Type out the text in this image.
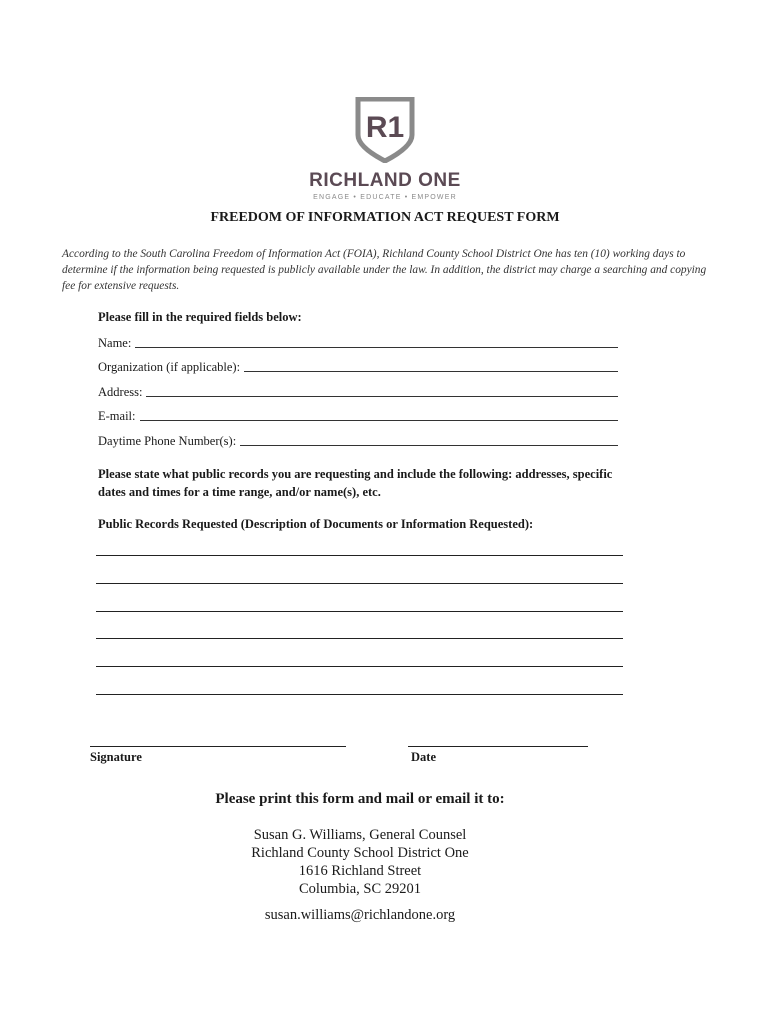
R1
RICHLAND ONE
ENGAGE • EDUCATE • EMPOWER
FREEDOM OF INFORMATION ACT REQUEST FORM
According to the South Carolina Freedom of Information Act (FOIA), Richland County School District One has ten (10) working days to determine if the information being requested is publicly available under the law. In addition, the district may charge a searching and copying fee for extensive requests.
Please fill in the required fields below:
Name:
Organization (if applicable):
Address:
E-mail:
Daytime Phone Number(s):
Please state what public records you are requesting and include the following: addresses, specific dates and times for a time range, and/or name(s), etc.
Public Records Requested (Description of Documents or Information Requested):
Signature	Date
Please print this form and mail or email it to:
Susan G. Williams, General Counsel
Richland County School District One
1616 Richland Street
Columbia, SC 29201
susan.williams@richlandone.org
